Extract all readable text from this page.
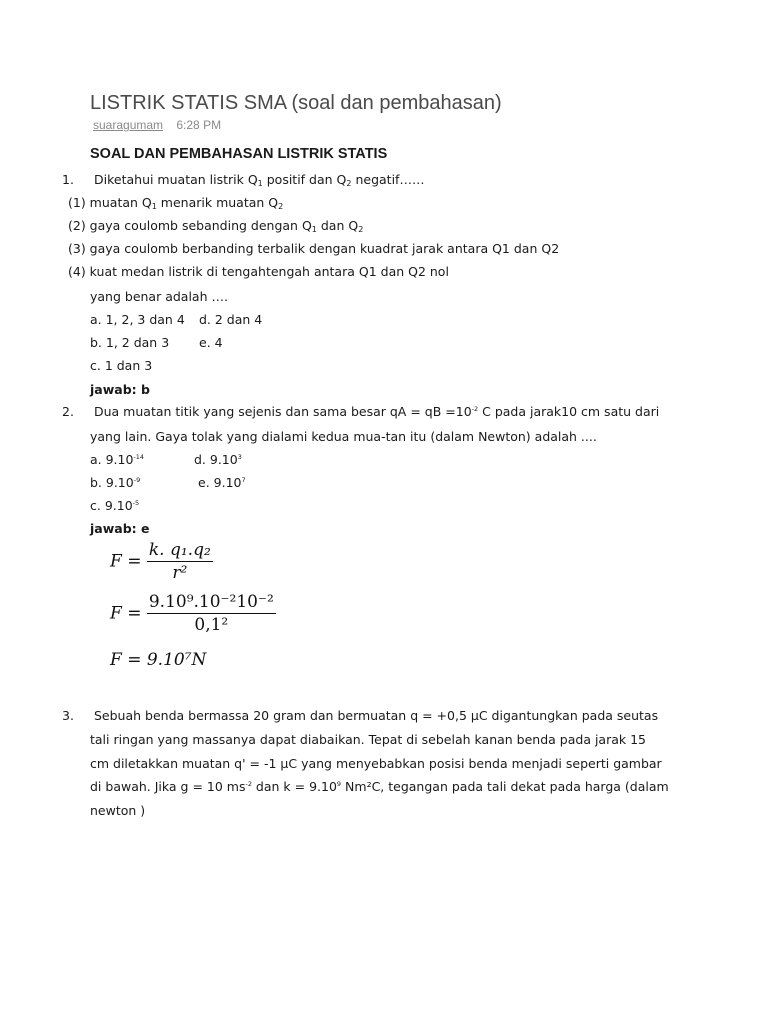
LISTRIK STATIS SMA (soal dan pembahasan)
suaragumam 6:28 PM
SOAL DAN PEMBAHASAN LISTRIK STATIS
1. Diketahui muatan listrik $Q_1$ positif dan $Q_2$ negatif……
(1) muatan $Q_1$ menarik muatan $Q_2$
(2) gaya coulomb sebanding dengan $Q_1$ dan $Q_2$
(3) gaya coulomb berbanding terbalik dengan kuadrat jarak antara Q1 dan Q2
(4) kuat medan listrik di tengahtengah antara Q1 dan Q2 nol
yang benar adalah ….
a. 1, 2, 3 dan 4 d. 2 dan 4
b. 1, 2 dan 3 e. 4
c. 1 dan 3
jawab: b
2. Dua muatan titik yang sejenis dan sama besar qA = qB $=10^{-2}$ C pada jarak10 cm satu dari
yang lain. Gaya tolak yang dialami kedua mua-tan itu (dalam Newton) adalah ....
a. $9.10^{-14}$	d. 9.10$^3$
b. $9.10^{-9}$	e. 9.10$^7$
c. $9.10^{-5}$
jawab: e
$F = \frac{\text{k. q₁.q₂}}{\text{r²}}$
$F = \frac{\text{9.10⁹.10⁻²10⁻²}}{\text{0,1²}}$
F = 9.10⁷N
3. Sebuah benda bermassa 20 gram dan bermuatan q = +0,5 μC digantungkan pada seutas
tali ringan yang massanya dapat diabaikan. Tepat di sebelah kanan benda pada jarak 15
cm diletakkan muatan q' = -1 μC yang menyebabkan posisi benda menjadi seperti gambar
di bawah. Jika g = 10 $ms^{-2}$ dan $k = 9.10^9$ Nm²C, tegangan pada tali dekat pada harga (dalam
newton )
